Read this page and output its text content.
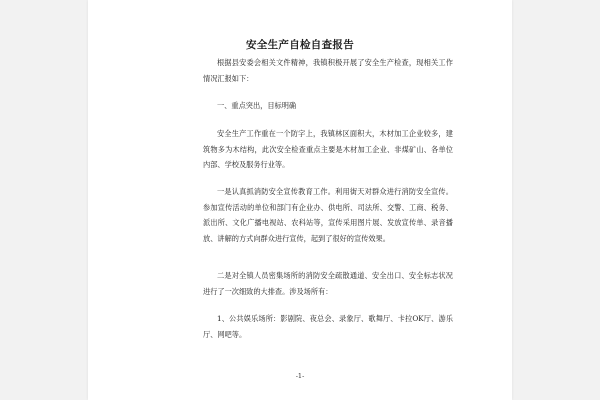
安全生产自检自查报告

根据县安委会相关文件精神，我镇积极开展了安全生产检查，现相关工作情况汇报如下：

一、重点突出，目标明确

安全生产工作重在一个防字上，我镇林区面积大，木材加工企业较多，建筑物多为木结构，此次安全检查重点主要是木材加工企业、非煤矿山、各单位内部、学校及服务行业等。

一是认真抓消防安全宣传教育工作。利用街天对群众进行消防安全宣传。参加宣传活动的单位和部门有企业办、供电所、司法所、交警、工商、税务、派出所、文化广播电视站、农科站等，宣传采用图片展、发放宣传单、录音播放、讲解的方式向群众进行宣传，起到了很好的宣传效果。

二是对全镇人员密集场所的消防安全疏散通道、安全出口、安全标志状况进行了一次细致的大排查。涉及场所有：

1、公共娱乐场所：影剧院、夜总会、录象厅、歌舞厅、卡拉OK厅、游乐厅、网吧等。

-1-
